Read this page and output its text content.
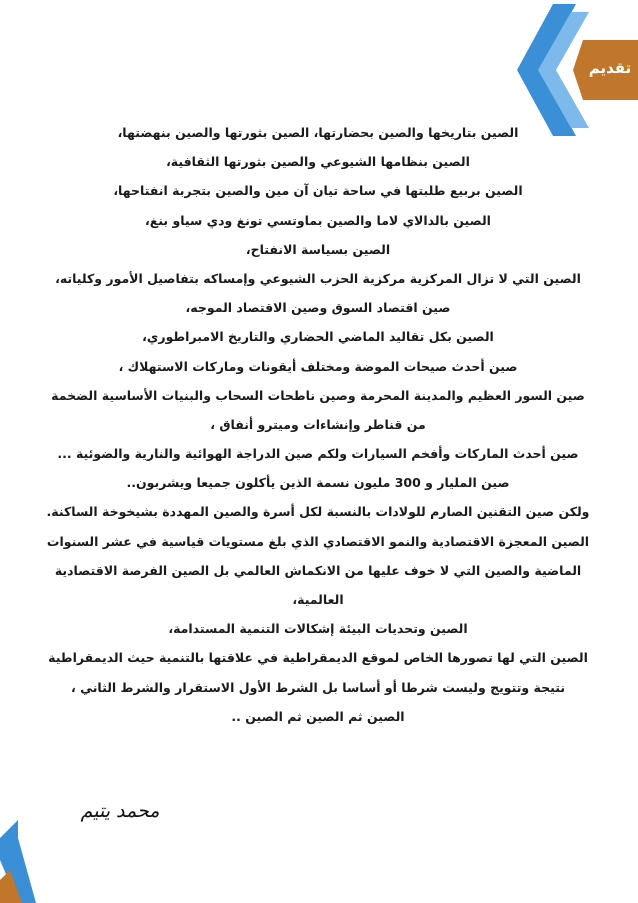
تقديم
الصين بتاريخها والصين بحضارتها، الصين بثورتها والصين بنهضتها،
الصين بنظامها الشيوعي والصين بثورتها الثقافية،
الصين بربيع طلبتها في ساحة تيان آن مين والصين بتجربة انفتاحها،
الصين بالدالاي لاما والصين بماوتسي تونغ ودي سياو بنغ،
الصين بسياسة الانفتاح،
الصين التي لا تزال المركزية مركزية الحزب الشيوعي وإمساكه بتفاصيل الأمور وكلياته،
صين اقتصاد السوق وصين الاقتصاد الموجه،
الصين بكل تقاليد الماضي الحضاري والتاريخ الامبراطوري،
صين أحدث صيحات الموضة ومختلف أيقونات وماركات الاستهلاك ،
صين السور العظيم والمدينة المحرمة وصين ناطحات السحاب والبنيات الأساسية الضخمة
من قناطر وإنشاءات وميترو أنفاق ،
صين أحدث الماركات وأفخم السيارات ولكم صين الدراجة الهوائية والنارية والضوئية ...
صين المليار و 300 مليون نسمة الذين يأكلون جميعا ويشربون..
ولكن صين التقنين الصارم للولادات بالنسبة لكل أسرة والصين المهددة بشيخوخة الساكنة.
الصين المعجزة الاقتصادية والنمو الاقتصادي الذي بلغ مستويات قياسية في عشر السنوات
الماضية والصين التي لا خوف عليها من الانكماش العالمي بل الصين الفرصة الاقتصادية
العالمية،
الصين وتحديات البيئة إشكالات التنمية المستدامة،
الصين التي لها تصورها الخاص لموقع الديمقراطية في علاقتها بالتنمية حيث الديمقراطية
نتيجة وتتويج وليست شرطا أو أساسا بل الشرط الأول الاستقرار والشرط الثاني ،
الصين ثم الصين ثم الصين ..
محمد يتيم
